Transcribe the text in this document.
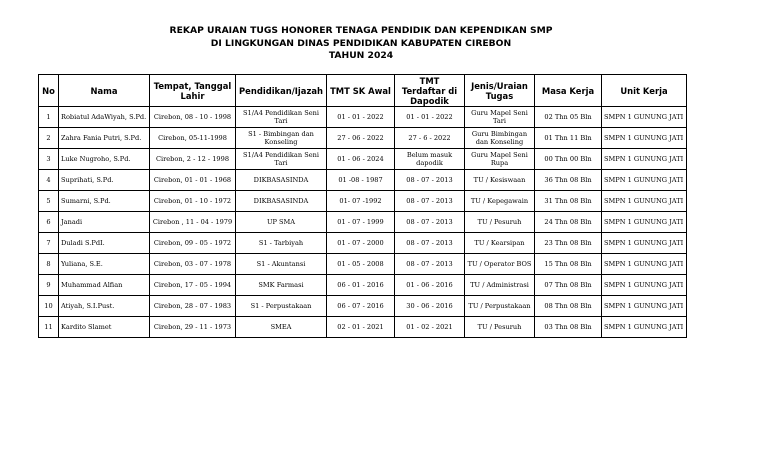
REKAP URAIAN TUGS HONORER TENAGA PENDIDIK DAN KEPENDIKAN SMP
DI LINGKUNGAN DINAS PENDIDIKAN KABUPATEN CIREBON
TAHUN 2024
No	Nama	Tempat, Tanggal Lahir	Pendidikan/Ijazah	TMT SK Awal	TMT Terdaftar di Dapodik	Jenis/Uraian Tugas	Masa Kerja	Unit Kerja
1	Robiatul AdaWiyah, S.Pd.	Cirebon, 08 - 10 - 1998	S1/A4 Pendidikan Seni Tari	01 - 01 - 2022	01 - 01 - 2022	Guru Mapel Seni Tari	02 Thn 05 Bln	SMPN 1 GUNUNG JATI
2	Zahra Fania Putri, S.Pd.	Cirebon, 05-11-1998	S1 - Bimbingan dan Konseling	27 - 06 - 2022	27 - 6 - 2022	Guru Bimbingan dan Konseling	01 Thn 11 Bln	SMPN 1 GUNUNG JATI
3	Luke Nugroho, S.Pd.	Cirebon, 2 - 12 - 1998	S1/A4 Pendidikan Seni Tari	01 - 06 - 2024	Belum masuk dapodik	Guru Mapel Seni Rupa	00 Thn 00 Bln	SMPN 1 GUNUNG JATI
4	Suprihati, S.Pd.	Cirebon, 01 - 01 - 1968	DIKBASASINDA	01 -08 - 1987	08 - 07 - 2013	TU / Kesiswaan	36 Thn 08 Bln	SMPN 1 GUNUNG JATI
5	Sumarni, S.Pd.	Cirebon, 01 - 10 - 1972	DIKBASASINDA	01- 07 -1992	08 - 07 - 2013	TU / Kepegawain	31 Thn 08 Bln	SMPN 1 GUNUNG JATI
6	Janadi	Cirebon , 11 - 04 - 1979	UP SMA	01 - 07 - 1999	08 - 07 - 2013	TU / Pesuruh	24 Thn 08 Bln	SMPN 1 GUNUNG JATI
7	Duladi S.PdI.	Cirebon, 09 - 05 - 1972	S1 - Tarbiyah	01 - 07 - 2000	08 - 07 - 2013	TU / Kearsipan	23 Thn 08 Bln	SMPN 1 GUNUNG JATI
8	Yuliana, S.E.	Cirebon, 03 - 07 - 1978	S1 - Akuntansi	01 - 05 - 2008	08 - 07 - 2013	TU / Operator BOS	15 Thn 08 Bln	SMPN 1 GUNUNG JATI
9	Muhammad Alfian	Cirebon, 17 - 05 - 1994	SMK Farmasi	06 - 01 - 2016	01 - 06 - 2016	TU / Administrasi	07 Thn 08 Bln	SMPN 1 GUNUNG JATI
10	Atiyah, S.I.Pust.	Cirebon, 28 - 07 - 1983	S1 - Perpustakaan	06 - 07 - 2016	30 - 06 - 2016	TU / Perpustakaan	08 Thn 08 Bln	SMPN 1 GUNUNG JATI
11	Kardito Slamet	Cirebon, 29 - 11 - 1973	SMEA	02 - 01 - 2021	01 - 02 - 2021	TU / Pesuruh	03 Thn 08 Bln	SMPN 1 GUNUNG JATI
